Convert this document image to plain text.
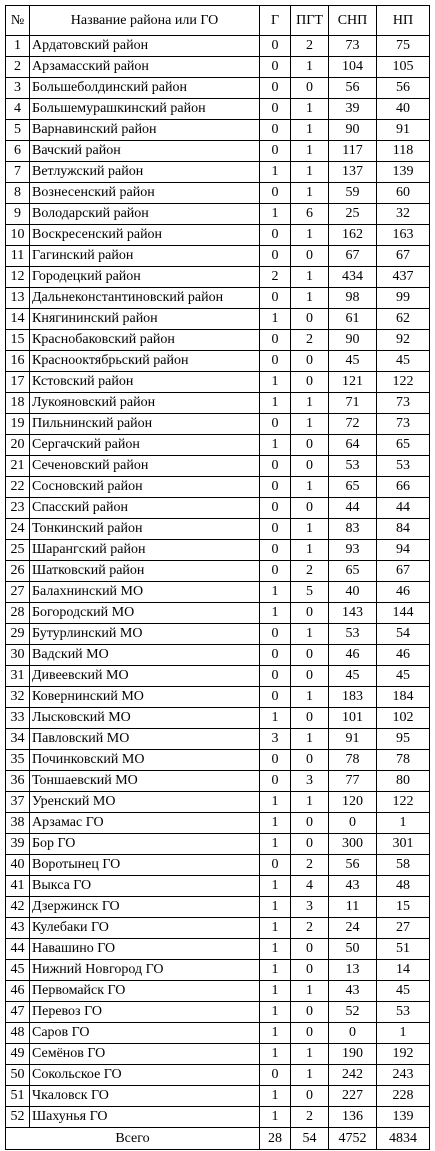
№	Название района или ГО	Г	ПГТ	СНП	НП
1	Ардатовский район	0	2	73	75
2	Арзамасский район	0	1	104	105
3	Большеболдинский район	0	0	56	56
4	Большемурашкинский район	0	1	39	40
5	Варнавинский район	0	1	90	91
6	Вачский район	0	1	117	118
7	Ветлужский район	1	1	137	139
8	Вознесенский район	0	1	59	60
9	Володарский район	1	6	25	32
10	Воскресенский район	0	1	162	163
11	Гагинский район	0	0	67	67
12	Городецкий район	2	1	434	437
13	Дальнеконстантиновский район	0	1	98	99
14	Княгининский район	1	0	61	62
15	Краснобаковский район	0	2	90	92
16	Краснооктябрьский район	0	0	45	45
17	Кстовский район	1	0	121	122
18	Лукояновский район	1	1	71	73
19	Пильнинский район	0	1	72	73
20	Сергачский район	1	0	64	65
21	Сеченовский район	0	0	53	53
22	Сосновский район	0	1	65	66
23	Спасский район	0	0	44	44
24	Тонкинский район	0	1	83	84
25	Шарангский район	0	1	93	94
26	Шатковский район	0	2	65	67
27	Балахнинский МО	1	5	40	46
28	Богородский МО	1	0	143	144
29	Бутурлинский МО	0	1	53	54
30	Вадский МО	0	0	46	46
31	Дивеевский МО	0	0	45	45
32	Ковернинский МО	0	1	183	184
33	Лысковский МО	1	0	101	102
34	Павловский МО	3	1	91	95
35	Починковский МО	0	0	78	78
36	Тоншаевский МО	0	3	77	80
37	Уренский МО	1	1	120	122
38	Арзамас ГО	1	0	0	1
39	Бор ГО	1	0	300	301
40	Воротынец ГО	0	2	56	58
41	Выкса ГО	1	4	43	48
42	Дзержинск ГО	1	3	11	15
43	Кулебаки ГО	1	2	24	27
44	Навашино ГО	1	0	50	51
45	Нижний Новгород ГО	1	0	13	14
46	Первомайск ГО	1	1	43	45
47	Перевоз ГО	1	0	52	53
48	Саров ГО	1	0	0	1
49	Семёнов ГО	1	1	190	192
50	Сокольское ГО	0	1	242	243
51	Чкаловск ГО	1	0	227	228
52	Шахунья ГО	1	2	136	139
Всего		28	54	4752	4834
